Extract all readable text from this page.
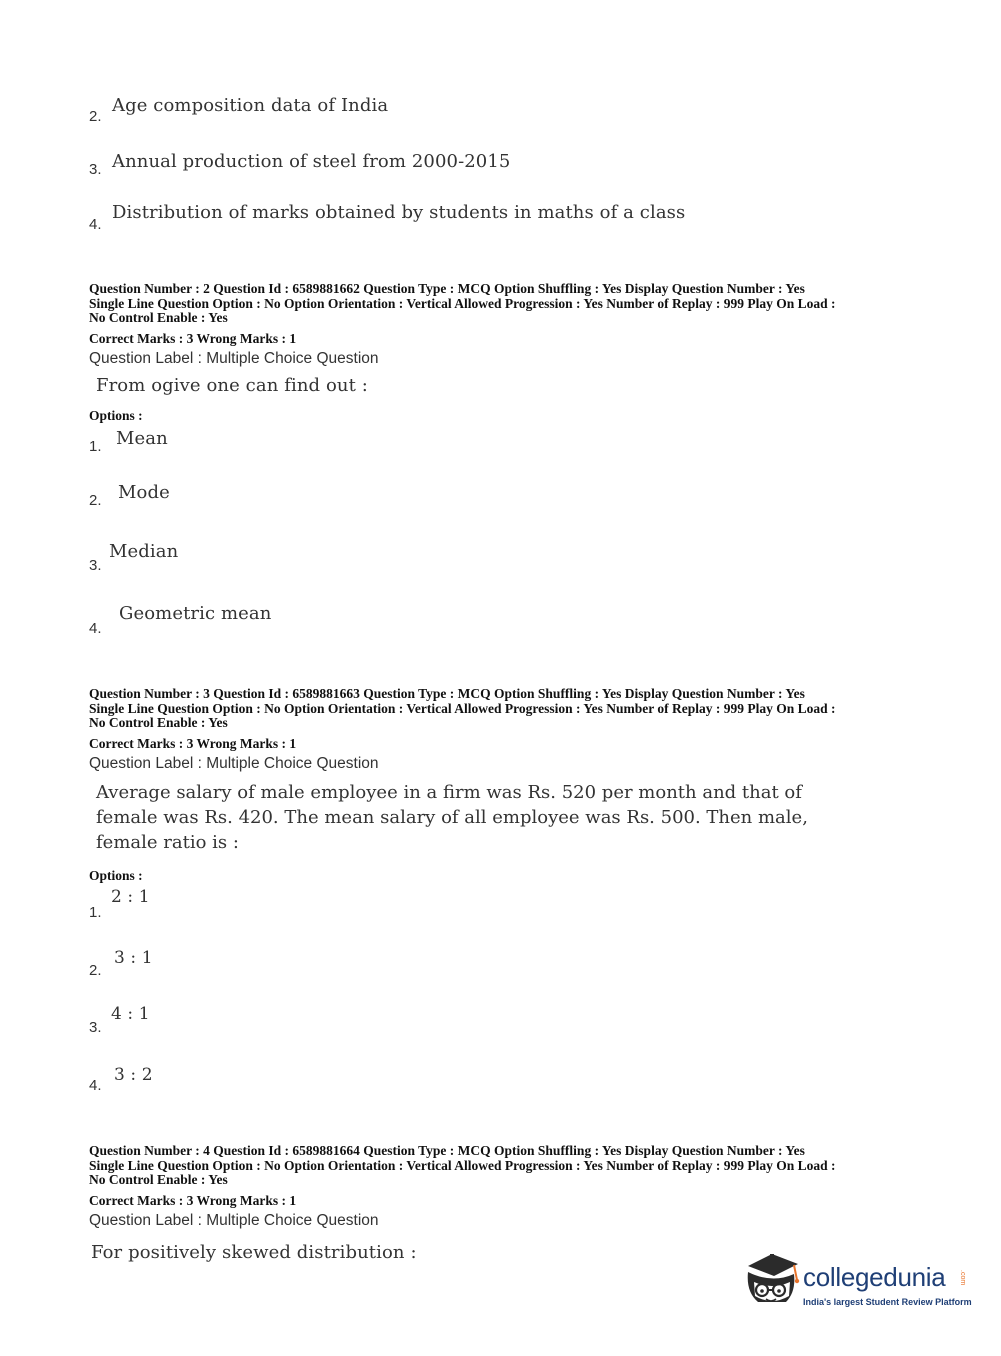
2.
Age composition data of India
3. Annual production of steel from 2000-2015
4.
Distribution of marks obtained by students in maths of a class
Question Number : 2 Question Id : 6589881662 Question Type : MCQ Option Shuffling : Yes Display Question Number : Yes
Single Line Question Option : No Option Orientation : Vertical Allowed Progression : Yes Number of Replay : 999 Play On Load :
No Control Enable : Yes
Correct Marks : 3 Wrong Marks : 1
Question Label : Multiple Choice Question
From ogive one can find out :
Options :
1. Mean
2. Mode
3.
Median
4.
Geometric mean
Question Number : 3 Question Id : 6589881663 Question Type : MCQ Option Shuffling : Yes Display Question Number : Yes
Single Line Question Option : No Option Orientation : Vertical Allowed Progression : Yes Number of Replay : 999 Play On Load :
No Control Enable : Yes
Correct Marks : 3 Wrong Marks : 1
Question Label : Multiple Choice Question
Average salary of male employee in a firm was Rs. 520 per month and that of
female was Rs. 420. The mean salary of all employee was Rs. 500. Then male,
female ratio is :
Options :
1.
2 : 1
2.
3 : 1
3.
4 : 1
4.
3 : 2
Question Number : 4 Question Id : 6589881664 Question Type : MCQ Option Shuffling : Yes Display Question Number : Yes
Single Line Question Option : No Option Orientation : Vertical Allowed Progression : Yes Number of Replay : 999 Play On Load :
No Control Enable : Yes
Correct Marks : 3 Wrong Marks : 1
Question Label : Multiple Choice Question
For positively skewed distribution :
collegedunia .com
India's largest Student Review Platform
